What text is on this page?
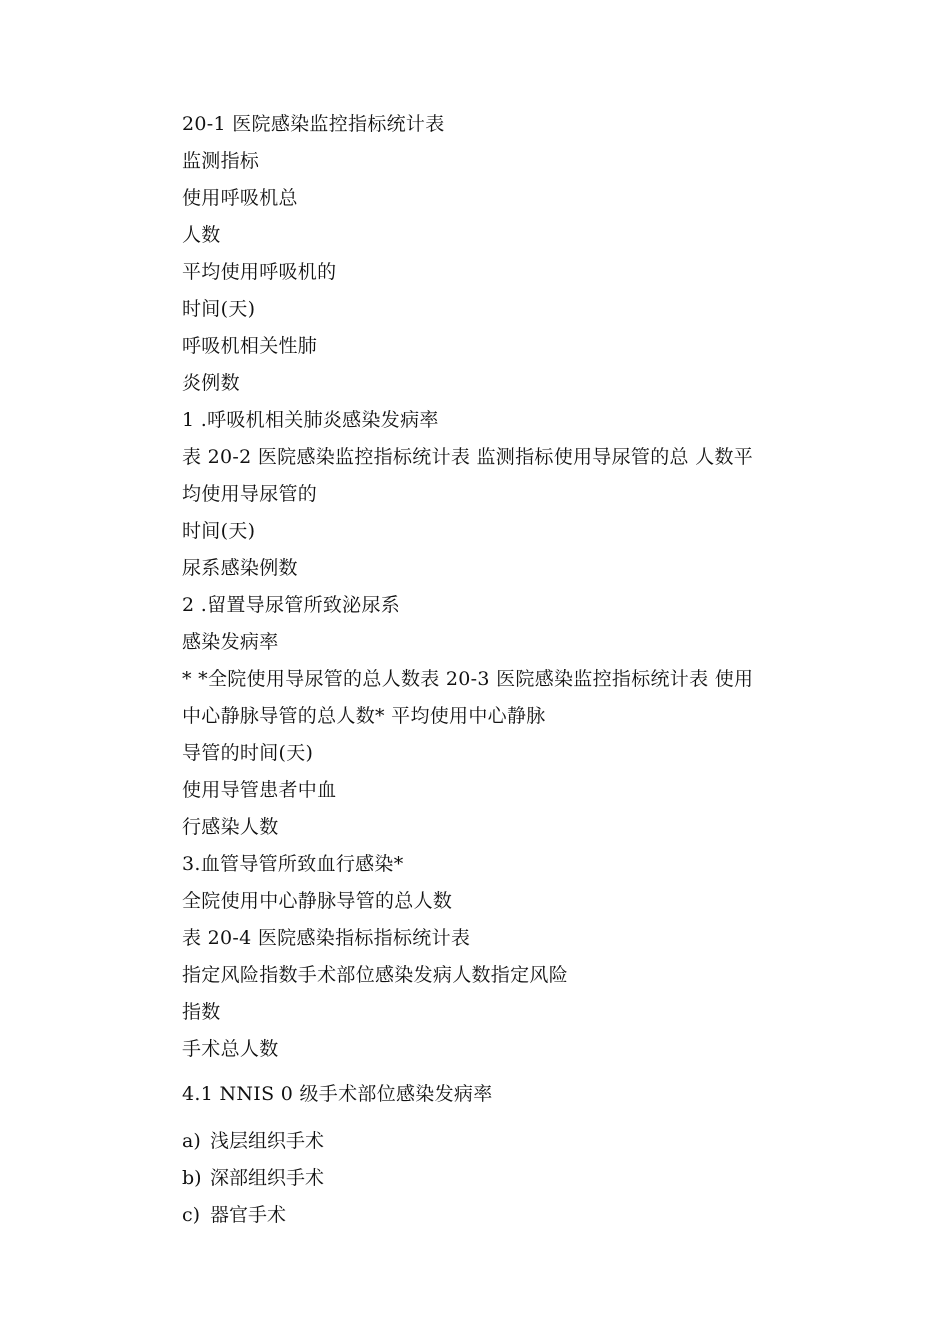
20-1 医院感染监控指标统计表
监测指标
使用呼吸机总
人数
平均使用呼吸机的
时间(天)
呼吸机相关性肺
炎例数
1 .呼吸机相关肺炎感染发病率
表 20-2 医院感染监控指标统计表 监测指标使用导尿管的总 人数平
均使用导尿管的
时间(天)
尿系感染例数
2 .留置导尿管所致泌尿系
感染发病率
* *全院使用导尿管的总人数表 20-3 医院感染监控指标统计表 使用
中心静脉导管的总人数* 平均使用中心静脉
导管的时间(天)
使用导管患者中血
行感染人数
3.血管导管所致血行感染*
全院使用中心静脉导管的总人数
表 20-4 医院感染指标指标统计表
指定风险指数手术部位感染发病人数指定风险
指数
手术总人数
4.1 NNIS 0 级手术部位感染发病率
a) 浅层组织手术
b) 深部组织手术
c) 器官手术
